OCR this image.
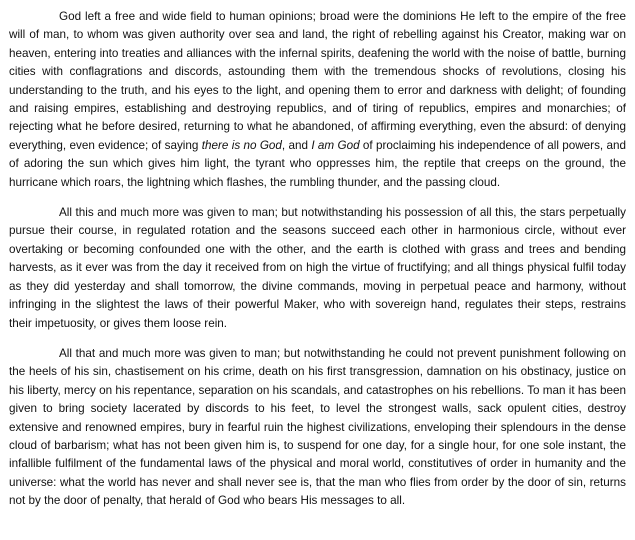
God left a free and wide field to human opinions; broad were the dominions He left to the empire of the free will of man, to whom was given authority over sea and land, the right of rebelling against his Creator, making war on heaven, entering into treaties and alliances with the infernal spirits, deafening the world with the noise of battle, burning cities with conflagrations and discords, astounding them with the tremendous shocks of revolutions, closing his understanding to the truth, and his eyes to the light, and opening them to error and darkness with delight; of founding and raising empires, establishing and destroying republics, and of tiring of republics, empires and monarchies; of rejecting what he before desired, returning to what he abandoned, of affirming everything, even the absurd: of denying everything, even evidence; of saying there is no God, and I am God of proclaiming his independence of all powers, and of adoring the sun which gives him light, the tyrant who oppresses him, the reptile that creeps on the ground, the hurricane which roars, the lightning which flashes, the rumbling thunder, and the passing cloud.

All this and much more was given to man; but notwithstanding his possession of all this, the stars perpetually pursue their course, in regulated rotation and the seasons succeed each other in harmonious circle, without ever overtaking or becoming confounded one with the other, and the earth is clothed with grass and trees and bending harvests, as it ever was from the day it received from on high the virtue of fructifying; and all things physical fulfil today as they did yesterday and shall tomorrow, the divine commands, moving in perpetual peace and harmony, without infringing in the slightest the laws of their powerful Maker, who with sovereign hand, regulates their steps, restrains their impetuosity, or gives them loose rein.

All that and much more was given to man; but notwithstanding he could not prevent punishment following on the heels of his sin, chastisement on his crime, death on his first transgression, damnation on his obstinacy, justice on his liberty, mercy on his repentance, separation on his scandals, and catastrophes on his rebellions. To man it has been given to bring society lacerated by discords to his feet, to level the strongest walls, sack opulent cities, destroy extensive and renowned empires, bury in fearful ruin the highest civilizations, enveloping their splendours in the dense cloud of barbarism; what has not been given him is, to suspend for one day, for a single hour, for one sole instant, the infallible fulfilment of the fundamental laws of the physical and moral world, constitutives of order in humanity and the universe: what the world has never and shall never see is, that the man who flies from order by the door of sin, returns not by the door of penalty, that herald of God who bears His messages to all.
